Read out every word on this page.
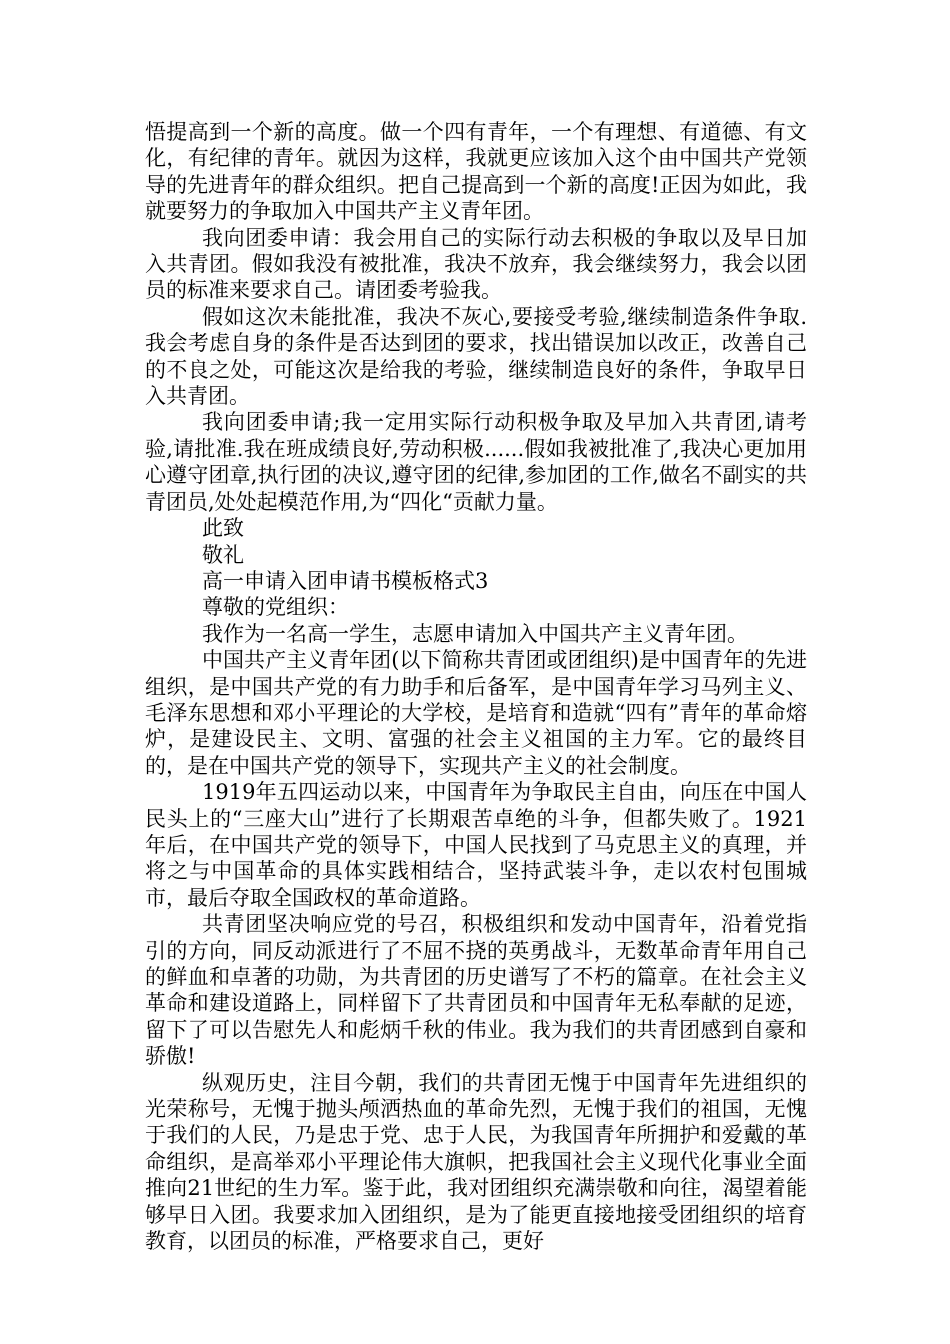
悟提高到一个新的高度。做一个四有青年，一个有理想、有道德、有文化，有纪律的青年。就因为这样，我就更应该加入这个由中国共产党领导的先进青年的群众组织。把自己提高到一个新的高度!正因为如此，我就要努力的争取加入中国共产主义青年团。

我向团委申请：我会用自己的实际行动去积极的争取以及早日加入共青团。假如我没有被批准，我决不放弃，我会继续努力，我会以团员的标准来要求自己。请团委考验我。

假如这次未能批准，我决不灰心,要接受考验,继续制造条件争取.我会考虑自身的条件是否达到团的要求，找出错误加以改正，改善自己的不良之处，可能这次是给我的考验，继续制造良好的条件，争取早日入共青团。

我向团委申请;我一定用实际行动积极争取及早加入共青团,请考验,请批准.我在班成绩良好,劳动积极......假如我被批准了,我决心更加用心遵守团章,执行团的决议,遵守团的纪律,参加团的工作,做名不副实的共青团员,处处起模范作用,为“四化“贡献力量。

此致

敬礼

高一申请入团申请书模板格式3

尊敬的党组织：

我作为一名高一学生，志愿申请加入中国共产主义青年团。

中国共产主义青年团(以下简称共青团或团组织)是中国青年的先进组织，是中国共产党的有力助手和后备军，是中国青年学习马列主义、毛泽东思想和邓小平理论的大学校，是培育和造就“四有”青年的革命熔炉，是建设民主、文明、富强的社会主义祖国的主力军。它的最终目的，是在中国共产党的领导下，实现共产主义的社会制度。

1919年五四运动以来，中国青年为争取民主自由，向压在中国人民头上的“三座大山”进行了长期艰苦卓绝的斗争，但都失败了。1921年后，在中国共产党的领导下，中国人民找到了马克思主义的真理，并将之与中国革命的具体实践相结合，坚持武装斗争，走以农村包围城市，最后夺取全国政权的革命道路。

共青团坚决响应党的号召，积极组织和发动中国青年，沿着党指引的方向，同反动派进行了不屈不挠的英勇战斗，无数革命青年用自己的鲜血和卓著的功勋，为共青团的历史谱写了不朽的篇章。在社会主义革命和建设道路上，同样留下了共青团员和中国青年无私奉献的足迹，留下了可以告慰先人和彪炳千秋的伟业。我为我们的共青团感到自豪和骄傲!

纵观历史，注目今朝，我们的共青团无愧于中国青年先进组织的光荣称号，无愧于抛头颅洒热血的革命先烈，无愧于我们的祖国，无愧于我们的人民，乃是忠于党、忠于人民，为我国青年所拥护和爱戴的革命组织，是高举邓小平理论伟大旗帜，把我国社会主义现代化事业全面推向21世纪的生力军。鉴于此，我对团组织充满崇敬和向往，渴望着能够早日入团。我要求加入团组织，是为了能更直接地接受团组织的培育教育，以团员的标准，严格要求自己，更好
